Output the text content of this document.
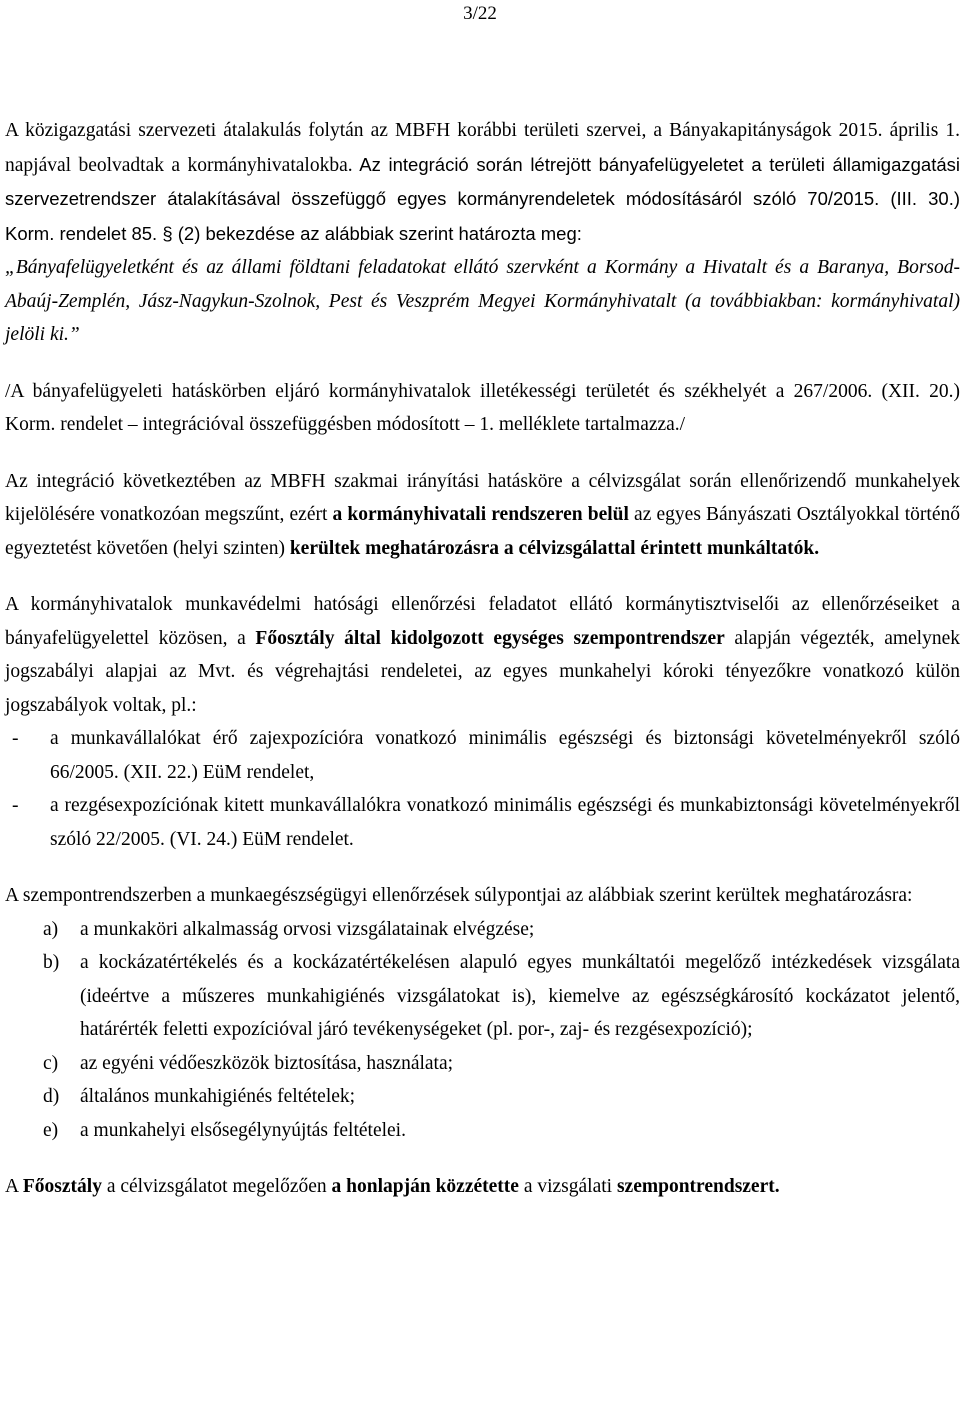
3/22

A közigazgatási szervezeti átalakulás folytán az MBFH korábbi területi szervei, a Bányakapitányságok 2015. április 1. napjával beolvadtak a kormányhivatalokba. Az integráció során létrejött bányafelügyeletet a területi államigazgatási szervezetrendszer átalakításával összefüggő egyes kormányrendeletek módosításáról szóló 70/2015. (III. 30.) Korm. rendelet 85. § (2) bekezdése az alábbiak szerint határozta meg:

„Bányafelügyeletként és az állami földtani feladatokat ellátó szervként a Kormány a Hivatalt és a Baranya, Borsod-Abaúj-Zemplén, Jász-Nagykun-Szolnok, Pest és Veszprém Megyei Kormányhivatalt (a továbbiakban: kormányhivatal) jelöli ki.”

/A bányafelügyeleti hatáskörben eljáró kormányhivatalok illetékességi területét és székhelyét a 267/2006. (XII. 20.) Korm. rendelet – integrációval összefüggésben módosított – 1. melléklete tartalmazza./

Az integráció következtében az MBFH szakmai irányítási hatásköre a célvizsgálat során ellenőrizendő munkahelyek kijelölésére vonatkozóan megszűnt, ezért a kormányhivatali rendszeren belül az egyes Bányászati Osztályokkal történő egyeztetést követően (helyi szinten) kerültek meghatározásra a célvizsgálattal érintett munkáltatók.

A kormányhivatalok munkavédelmi hatósági ellenőrzési feladatot ellátó kormánytisztviselői az ellenőrzéseiket a bányafelügyelettel közösen, a Főosztály által kidolgozott egységes szempontrendszer alapján végezték, amelynek jogszabályi alapjai az Mvt. és végrehajtási rendeletei, az egyes munkahelyi kóroki tényezőkre vonatkozó külön jogszabályok voltak, pl.:

-	a munkavállalókat érő zajexpozícióra vonatkozó minimális egészségi és biztonsági követelményekről szóló 66/2005. (XII. 22.) EüM rendelet,
-	a rezgésexpozíciónak kitett munkavállalókra vonatkozó minimális egészségi és munkabiztonsági követelményekről szóló 22/2005. (VI. 24.) EüM rendelet.

A szempontrendszerben a munkaegészségügyi ellenőrzések súlypontjai az alábbiak szerint kerültek meghatározásra:

a)	a munkaköri alkalmasság orvosi vizsgálatainak elvégzése;
b)	a kockázatértékelés és a kockázatértékelésen alapuló egyes munkáltatói megelőző intézkedések vizsgálata (ideértve a műszeres munkahigiénés vizsgálatokat is), kiemelve az egészségkárosító kockázatot jelentő, határérték feletti expozícióval járó tevékenységeket (pl. por-, zaj- és rezgésexpozíció);
c)	az egyéni védőeszközök biztosítása, használata;
d)	általános munkahigiénés feltételek;
e)	a munkahelyi elsősegélynyújtás feltételei.

A Főosztály a célvizsgálatot megelőzően a honlapján közzétette a vizsgálati szempontrendszert.
